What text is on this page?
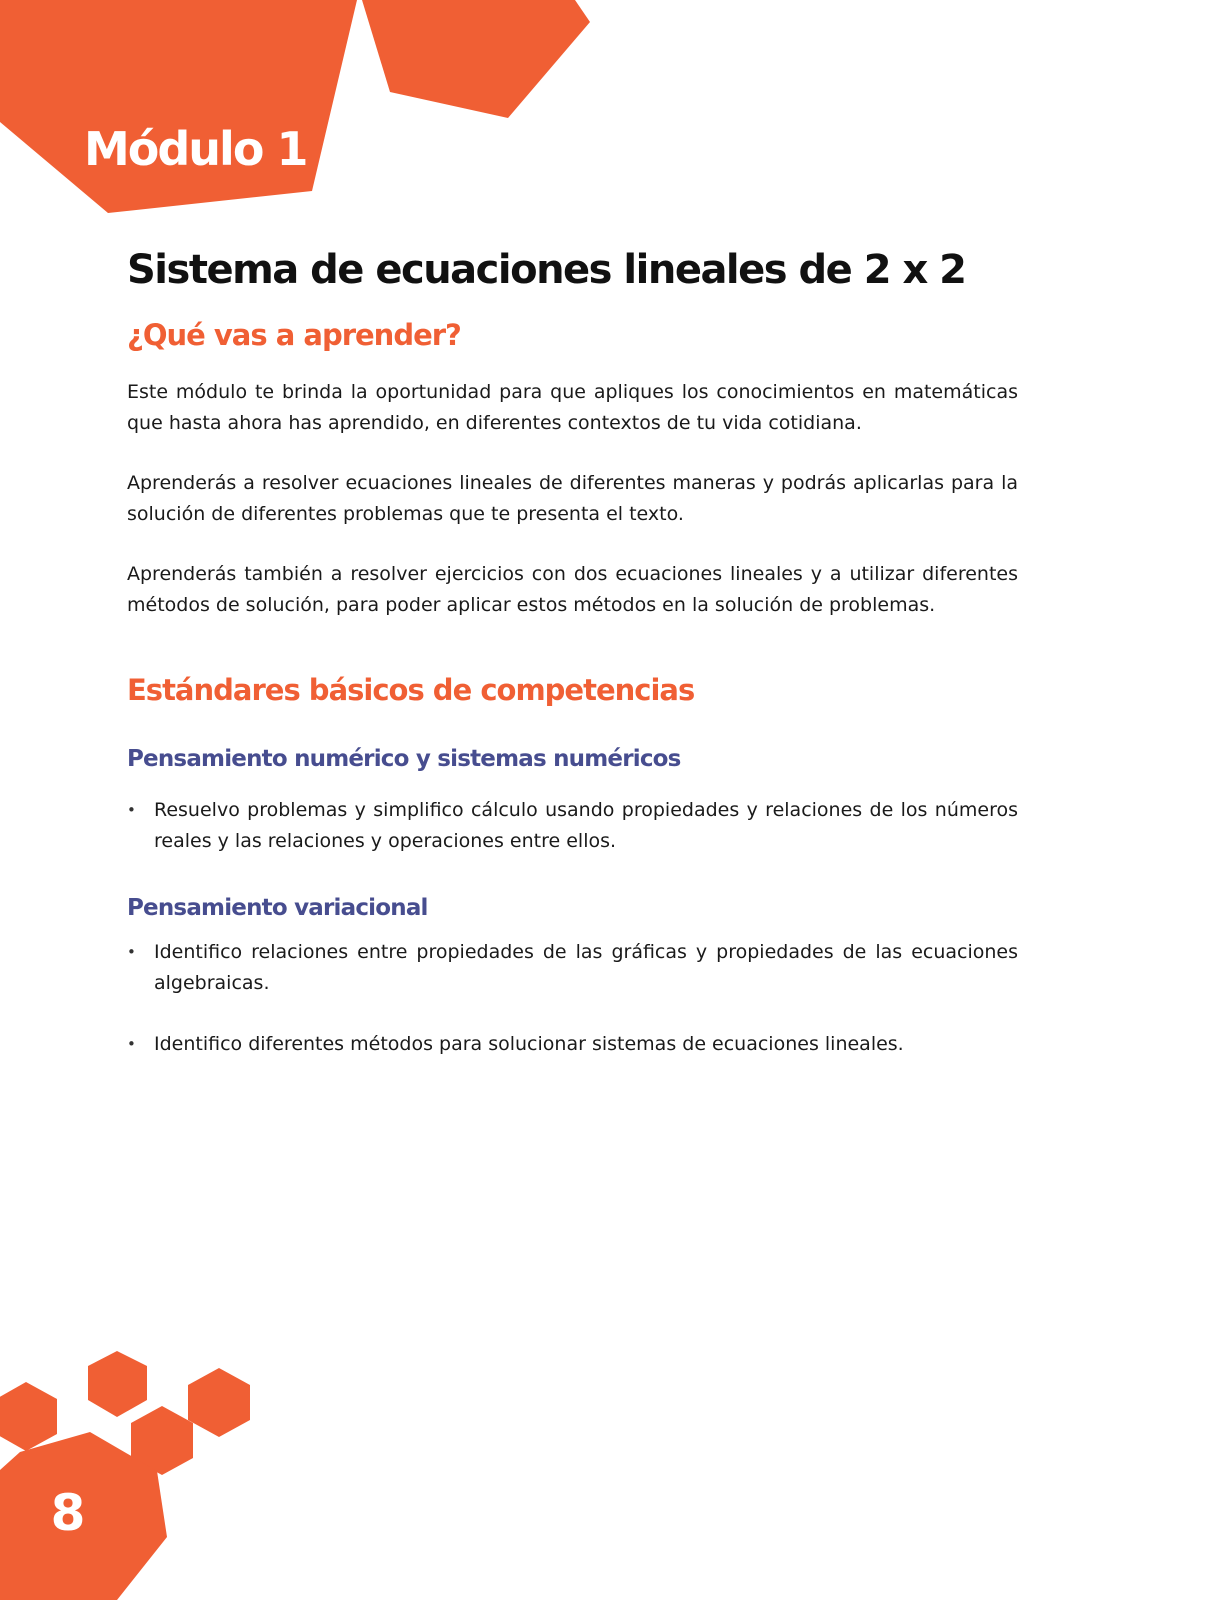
Módulo 1
Sistema de ecuaciones lineales de 2 x 2
¿Qué vas a aprender?

Este módulo te brinda la oportunidad para que apliques los conocimientos en matemáticas que hasta ahora has aprendido, en diferentes contextos de tu vida cotidiana.

Aprenderás a resolver ecuaciones lineales de diferentes maneras y podrás aplicarlas para la solución de diferentes problemas que te presenta el texto.

Aprenderás también a resolver ejercicios con dos ecuaciones lineales y a utilizar diferentes métodos de solución, para poder aplicar estos métodos en la solución de problemas.

Estándares básicos de competencias
Pensamiento numérico y sistemas numéricos
• Resuelvo problemas y simplifico cálculo usando propiedades y relaciones de los números reales y las relaciones y operaciones entre ellos.
Pensamiento variacional
• Identifico relaciones entre propiedades de las gráficas y propiedades de las ecuaciones algebraicas.
• Identifico diferentes métodos para solucionar sistemas de ecuaciones lineales.
8
